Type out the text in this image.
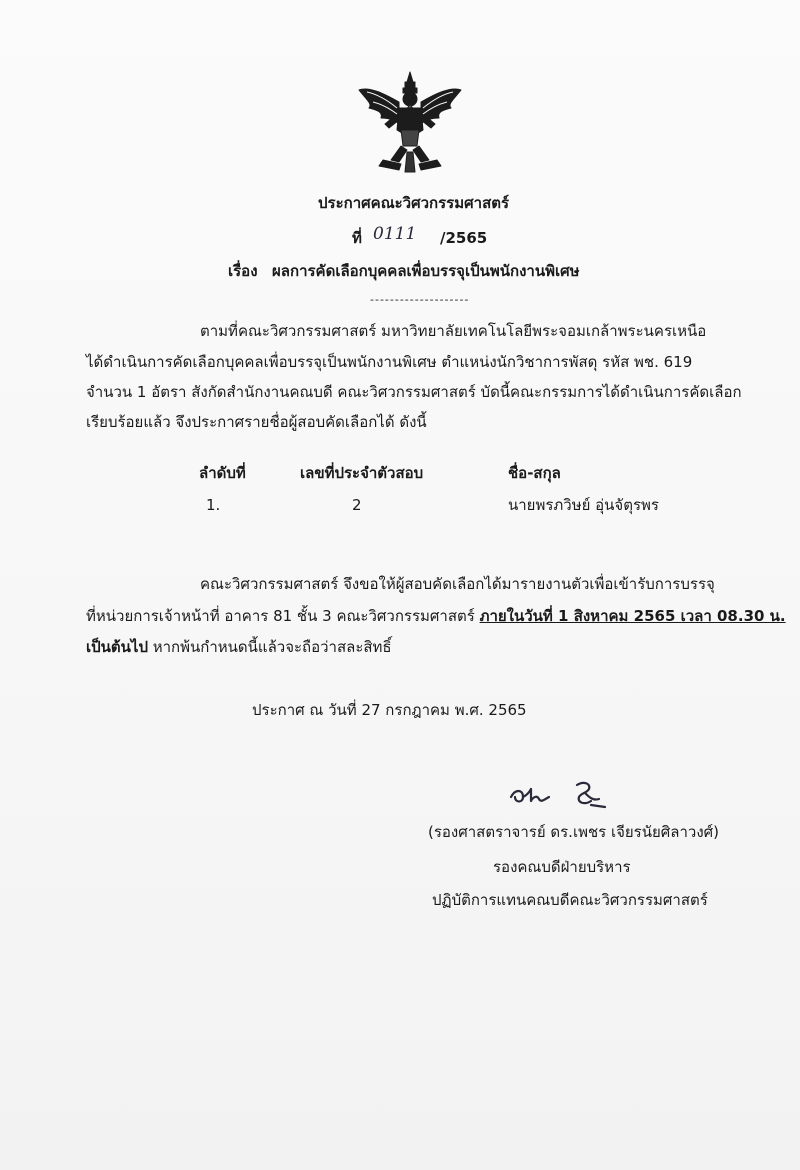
ประกาศคณะวิศวกรรมศาสตร์
ที่ 0111 /2565
เรื่อง ผลการคัดเลือกบุคคลเพื่อบรรจุเป็นพนักงานพิเศษ
--------------------
ตามที่คณะวิศวกรรมศาสตร์ มหาวิทยาลัยเทคโนโลยีพระจอมเกล้าพระนครเหนือ
ได้ดำเนินการคัดเลือกบุคคลเพื่อบรรจุเป็นพนักงานพิเศษ ตำแหน่งนักวิชาการพัสดุ รหัส พช. 619
จำนวน 1 อัตรา สังกัดสำนักงานคณบดี คณะวิศวกรรมศาสตร์ บัดนี้คณะกรรมการได้ดำเนินการคัดเลือก
เรียบร้อยแล้ว จึงประกาศรายชื่อผู้สอบคัดเลือกได้ ดังนี้
ลำดับที่	เลขที่ประจำตัวสอบ	ชื่อ-สกุล
1.	2	นายพรภวิษย์ อุ่นจัตุรพร
คณะวิศวกรรมศาสตร์ จึงขอให้ผู้สอบคัดเลือกได้มารายงานตัวเพื่อเข้ารับการบรรจุ
ที่หน่วยการเจ้าหน้าที่ อาคาร 81 ชั้น 3 คณะวิศวกรรมศาสตร์ ภายในวันที่ 1 สิงหาคม 2565 เวลา 08.30 น.
เป็นต้นไป หากพ้นกำหนดนี้แล้วจะถือว่าสละสิทธิ์
ประกาศ ณ วันที่ 27 กรกฎาคม พ.ศ. 2565
(รองศาสตราจารย์ ดร.เพชร เจียรนัยศิลาวงศ์)
รองคณบดีฝ่ายบริหาร
ปฏิบัติการแทนคณบดีคณะวิศวกรรมศาสตร์
